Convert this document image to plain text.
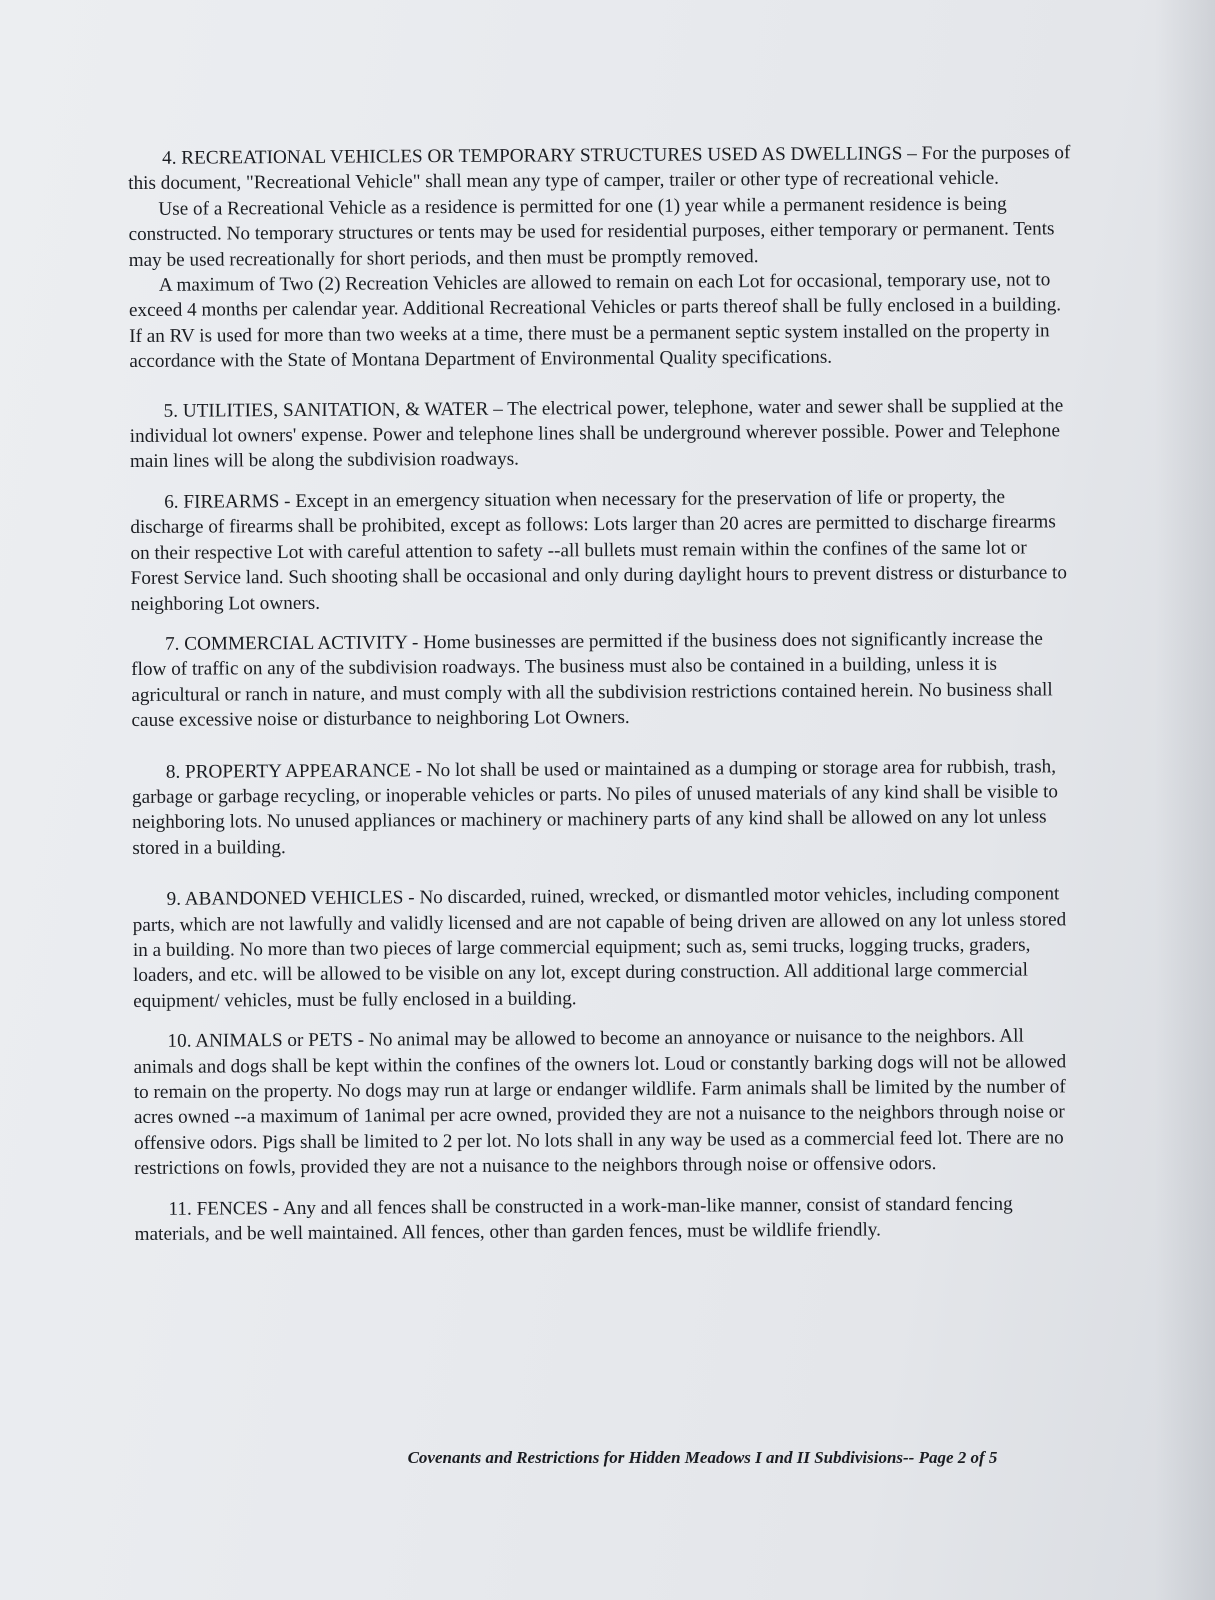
4. RECREATIONAL VEHICLES OR TEMPORARY STRUCTURES USED AS DWELLINGS – For the purposes of this document, "Recreational Vehicle" shall mean any type of camper, trailer or other type of recreational vehicle.

Use of a Recreational Vehicle as a residence is permitted for one (1) year while a permanent residence is being constructed. No temporary structures or tents may be used for residential purposes, either temporary or permanent. Tents may be used recreationally for short periods, and then must be promptly removed.

A maximum of Two (2) Recreation Vehicles are allowed to remain on each Lot for occasional, temporary use, not to exceed 4 months per calendar year. Additional Recreational Vehicles or parts thereof shall be fully enclosed in a building. If an RV is used for more than two weeks at a time, there must be a permanent septic system installed on the property in accordance with the State of Montana Department of Environmental Quality specifications.

5. UTILITIES, SANITATION, & WATER – The electrical power, telephone, water and sewer shall be supplied at the individual lot owners' expense. Power and telephone lines shall be underground wherever possible. Power and Telephone main lines will be along the subdivision roadways.

6. FIREARMS - Except in an emergency situation when necessary for the preservation of life or property, the discharge of firearms shall be prohibited, except as follows: Lots larger than 20 acres are permitted to discharge firearms on their respective Lot with careful attention to safety --all bullets must remain within the confines of the same lot or Forest Service land. Such shooting shall be occasional and only during daylight hours to prevent distress or disturbance to neighboring Lot owners.

7. COMMERCIAL ACTIVITY - Home businesses are permitted if the business does not significantly increase the flow of traffic on any of the subdivision roadways. The business must also be contained in a building, unless it is agricultural or ranch in nature, and must comply with all the subdivision restrictions contained herein. No business shall cause excessive noise or disturbance to neighboring Lot Owners.

8. PROPERTY APPEARANCE - No lot shall be used or maintained as a dumping or storage area for rubbish, trash, garbage or garbage recycling, or inoperable vehicles or parts. No piles of unused materials of any kind shall be visible to neighboring lots. No unused appliances or machinery or machinery parts of any kind shall be allowed on any lot unless stored in a building.

9. ABANDONED VEHICLES - No discarded, ruined, wrecked, or dismantled motor vehicles, including component parts, which are not lawfully and validly licensed and are not capable of being driven are allowed on any lot unless stored in a building. No more than two pieces of large commercial equipment; such as, semi trucks, logging trucks, graders, loaders, and etc. will be allowed to be visible on any lot, except during construction. All additional large commercial equipment/ vehicles, must be fully enclosed in a building.

10. ANIMALS or PETS - No animal may be allowed to become an annoyance or nuisance to the neighbors. All animals and dogs shall be kept within the confines of the owners lot. Loud or constantly barking dogs will not be allowed to remain on the property. No dogs may run at large or endanger wildlife. Farm animals shall be limited by the number of acres owned --a maximum of 1animal per acre owned, provided they are not a nuisance to the neighbors through noise or offensive odors. Pigs shall be limited to 2 per lot. No lots shall in any way be used as a commercial feed lot. There are no restrictions on fowls, provided they are not a nuisance to the neighbors through noise or offensive odors.

11. FENCES - Any and all fences shall be constructed in a work-man-like manner, consist of standard fencing materials, and be well maintained. All fences, other than garden fences, must be wildlife friendly.

Covenants and Restrictions for Hidden Meadows I and II Subdivisions-- Page 2 of 5
